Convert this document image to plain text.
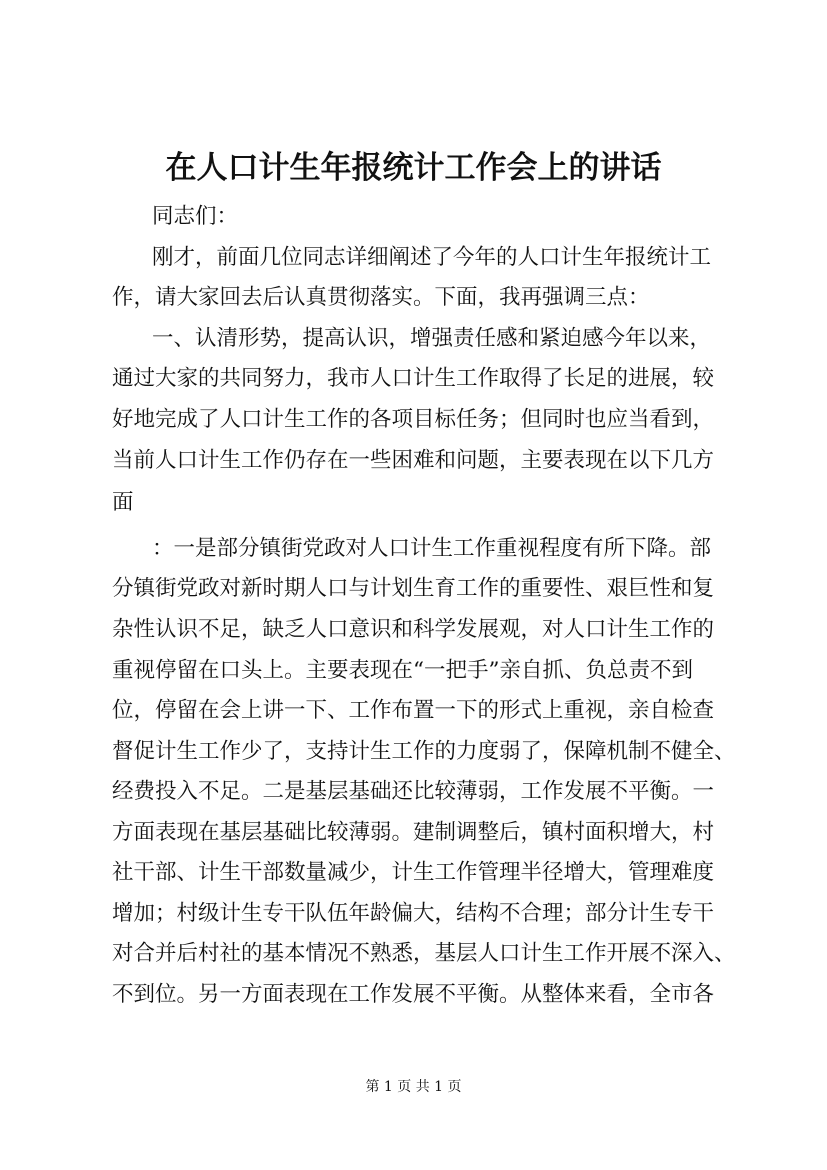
在人口计生年报统计工作会上的讲话
同志们：
刚才，前面几位同志详细阐述了今年的人口计生年报统计工
作，请大家回去后认真贯彻落实。下面，我再强调三点：
一、认清形势，提高认识，增强责任感和紧迫感今年以来，
通过大家的共同努力，我市人口计生工作取得了长足的进展，较
好地完成了人口计生工作的各项目标任务；但同时也应当看到，
当前人口计生工作仍存在一些困难和问题，主要表现在以下几方
面
：一是部分镇街党政对人口计生工作重视程度有所下降。部
分镇街党政对新时期人口与计划生育工作的重要性、艰巨性和复
杂性认识不足，缺乏人口意识和科学发展观，对人口计生工作的
重视停留在口头上。主要表现在“一把手”亲自抓、负总责不到
位，停留在会上讲一下、工作布置一下的形式上重视，亲自检查
督促计生工作少了，支持计生工作的力度弱了，保障机制不健全、
经费投入不足。二是基层基础还比较薄弱，工作发展不平衡。一
方面表现在基层基础比较薄弱。建制调整后，镇村面积增大，村
社干部、计生干部数量减少，计生工作管理半径增大，管理难度
增加；村级计生专干队伍年龄偏大，结构不合理；部分计生专干
对合并后村社的基本情况不熟悉，基层人口计生工作开展不深入、
不到位。另一方面表现在工作发展不平衡。从整体来看，全市各
第 1 页 共 1 页
